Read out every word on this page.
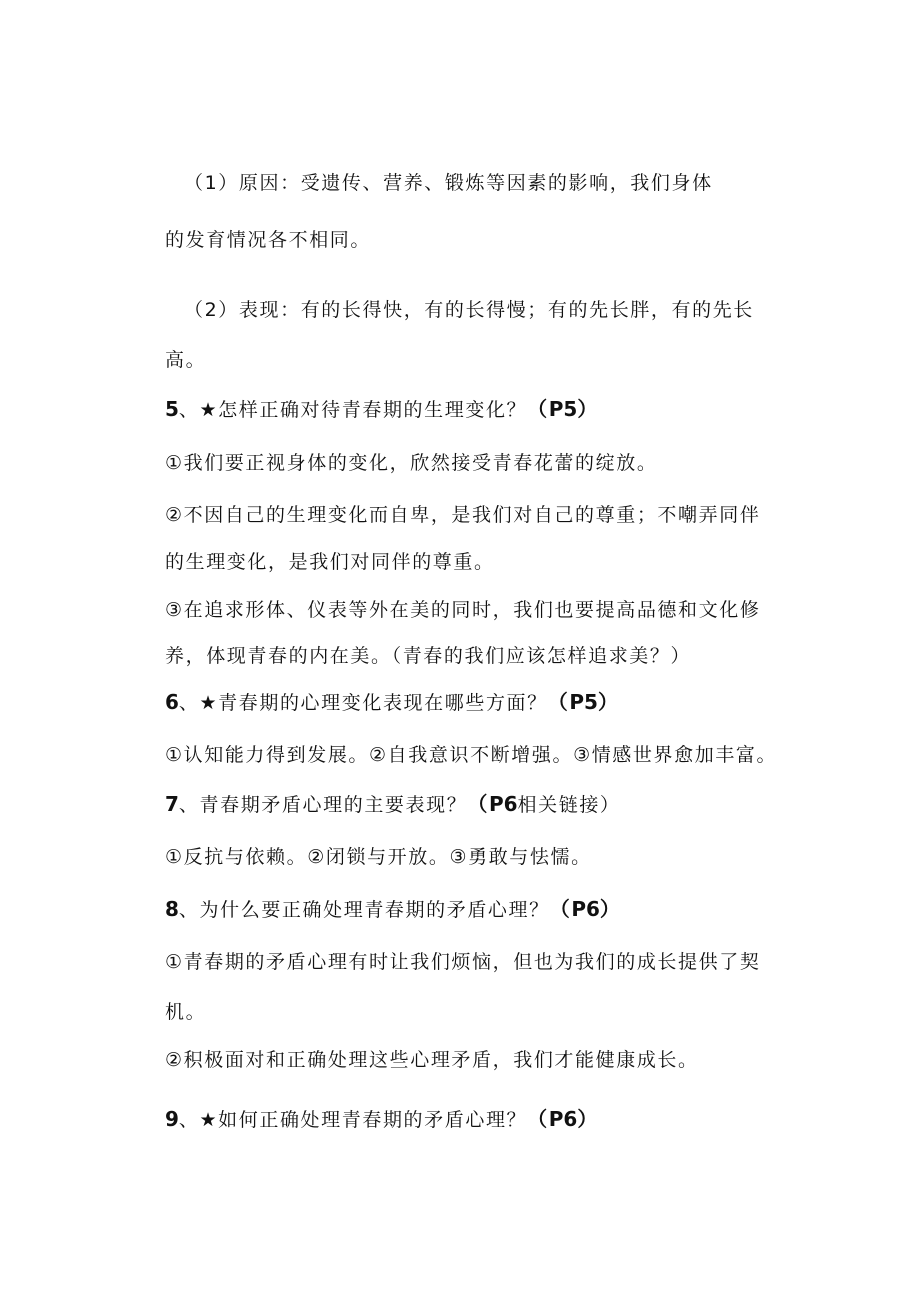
（1）原因：受遗传、营养、锻炼等因素的影响，我们身体
的发育情况各不相同。
（2）表现：有的长得快，有的长得慢；有的先长胖，有的先长
高。
5、★怎样正确对待青春期的生理变化？（P5）
①我们要正视身体的变化，欣然接受青春花蕾的绽放。
②不因自己的生理变化而自卑，是我们对自己的尊重；不嘲弄同伴
的生理变化，是我们对同伴的尊重。
③在追求形体、仪表等外在美的同时，我们也要提高品德和文化修
养，体现青春的内在美。（青春的我们应该怎样追求美？）
6、★青春期的心理变化表现在哪些方面？（P5）
①认知能力得到发展。②自我意识不断增强。③情感世界愈加丰富。
7、青春期矛盾心理的主要表现？（P6相关链接）
①反抗与依赖。②闭锁与开放。③勇敢与怯懦。
8、为什么要正确处理青春期的矛盾心理？（P6）
①青春期的矛盾心理有时让我们烦恼，但也为我们的成长提供了契
机。
②积极面对和正确处理这些心理矛盾，我们才能健康成长。
9、★如何正确处理青春期的矛盾心理？（P6）
